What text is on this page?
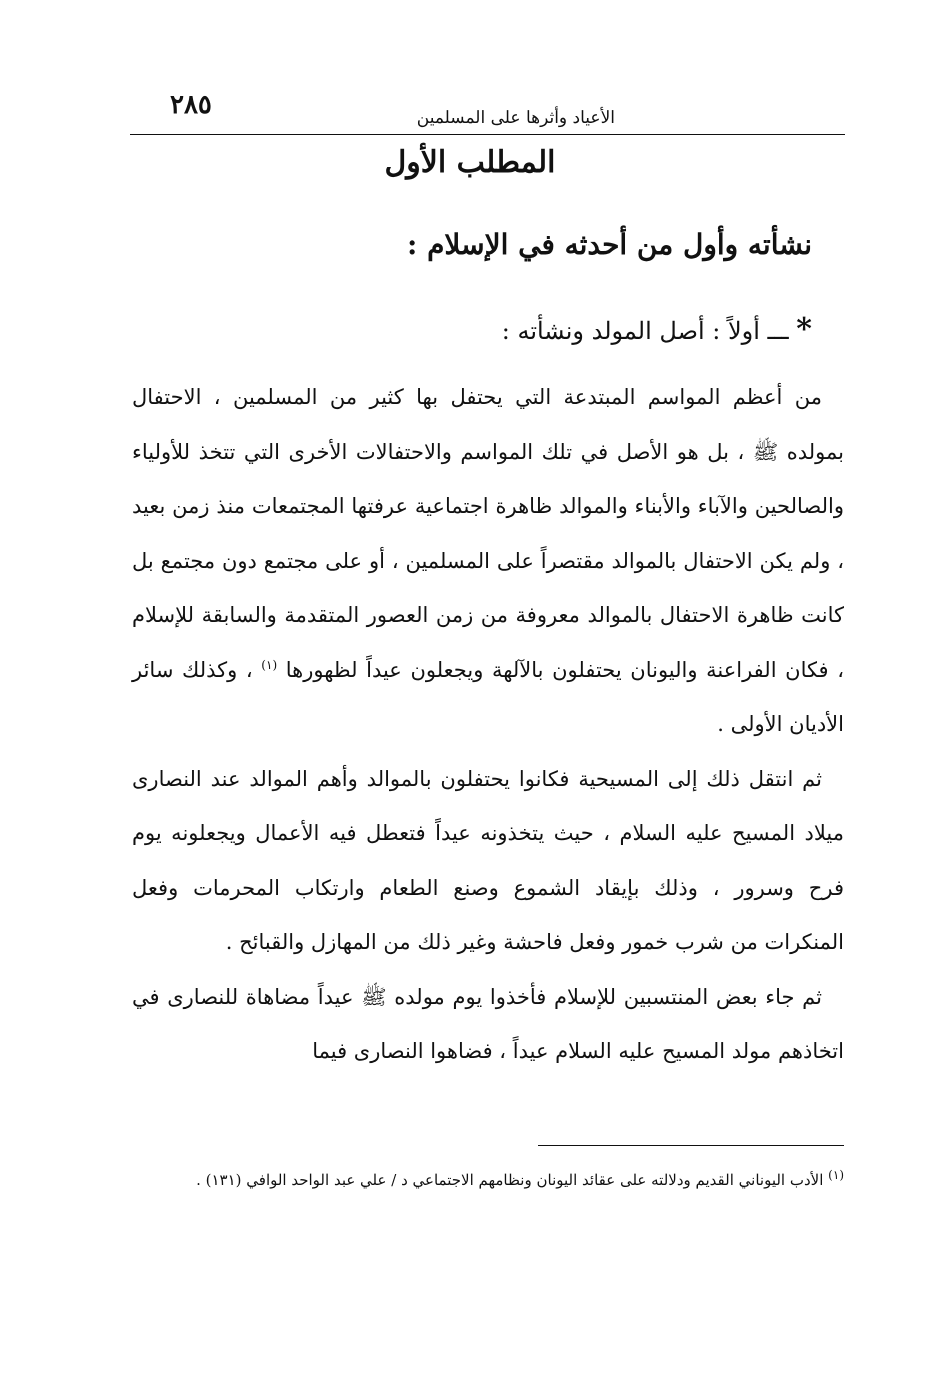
٢٨٥	الأعياد وأثرها على المسلمين
المطلب الأول
نشأته وأول من أحدثه في الإسلام :
* ـــ أولاً : أصل المولد ونشأته :

من أعظم المواسم المبتدعة التي يحتفل بها كثير من المسلمين ، الاحتفال بمولده ﷺ ، بل هو الأصل في تلك المواسم والاحتفالات الأخرى التي تتخذ للأولياء والصالحين والآباء والأبناء والموالد ظاهرة اجتماعية عرفتها المجتمعات منذ زمن بعيد ، ولم يكن الاحتفال بالموالد مقتصراً على المسلمين ، أو على مجتمع دون مجتمع بل كانت ظاهرة الاحتفال بالموالد معروفة من زمن العصور المتقدمة والسابقة للإسلام ، فكان الفراعنة واليونان يحتفلون بالآلهة ويجعلون عيداً لظهورها $^{(١)}$ ، وكذلك سائر الأديان الأولى .

ثم انتقل ذلك إلى المسيحية فكانوا يحتفلون بالموالد وأهم الموالد عند النصارى ميلاد المسيح عليه السلام ، حيث يتخذونه عيداً فتعطل فيه الأعمال ويجعلونه يوم فرح وسرور ، وذلك بإيقاد الشموع وصنع الطعام وارتكاب المحرمات وفعل المنكرات من شرب خمور وفعل فاحشة وغير ذلك من المهازل والقبائح .

ثم جاء بعض المنتسبين للإسلام فأخذوا يوم مولده ﷺ عيداً مضاهاة للنصارى في اتخاذهم مولد المسيح عليه السلام عيداً ، فضاهوا النصارى فيما

$^{(١)}$ الأدب اليوناني القديم ودلالته على عقائد اليونان ونظامهم الاجتماعي د / علي عبد الواحد الوافي (١٣١) .
